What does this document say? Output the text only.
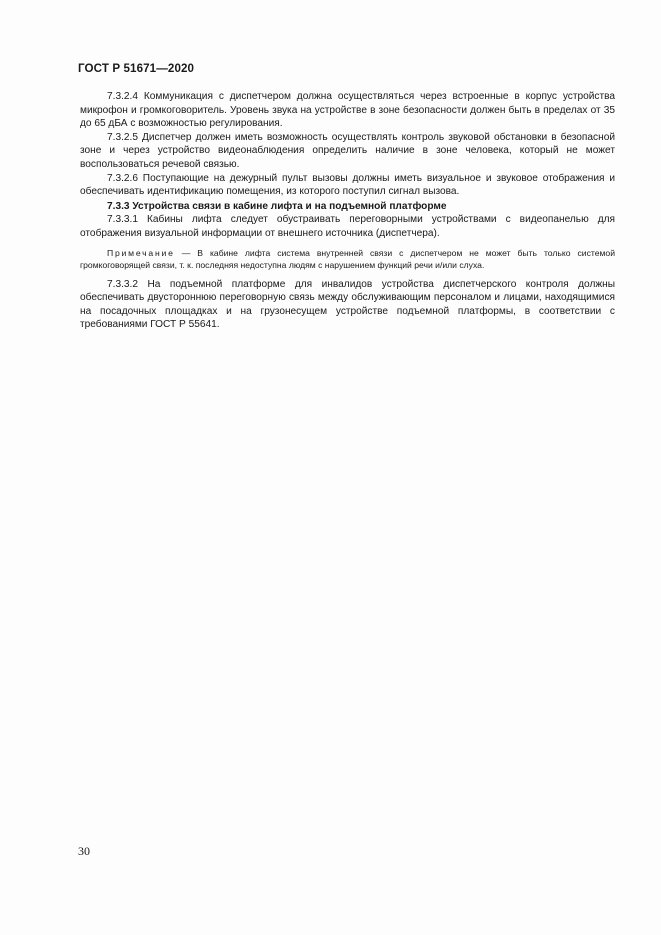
ГОСТ Р 51671—2020

7.3.2.4 Коммуникация с диспетчером должна осуществляться через встроенные в корпус устройства микрофон и громкоговоритель. Уровень звука на устройстве в зоне безопасности должен быть в пределах от 35 до 65 дБА с возможностью регулирования.

7.3.2.5 Диспетчер должен иметь возможность осуществлять контроль звуковой обстановки в безопасной зоне и через устройство видеонаблюдения определить наличие в зоне человека, который не может воспользоваться речевой связью.

7.3.2.6 Поступающие на дежурный пульт вызовы должны иметь визуальное и звуковое отображения и обеспечивать идентификацию помещения, из которого поступил сигнал вызова.

7.3.3 Устройства связи в кабине лифта и на подъемной платформе

7.3.3.1 Кабины лифта следует обустраивать переговорными устройствами с видеопанелью для отображения визуальной информации от внешнего источника (диспетчера).

Примечание — В кабине лифта система внутренней связи с диспетчером не может быть только системой громкоговорящей связи, т. к. последняя недоступна людям с нарушением функций речи и/или слуха.

7.3.3.2 На подъемной платформе для инвалидов устройства диспетчерского контроля должны обеспечивать двустороннюю переговорную связь между обслуживающим персоналом и лицами, находящимися на посадочных площадках и на грузонесущем устройстве подъемной платформы, в соответствии с требованиями ГОСТ Р 55641.

30
